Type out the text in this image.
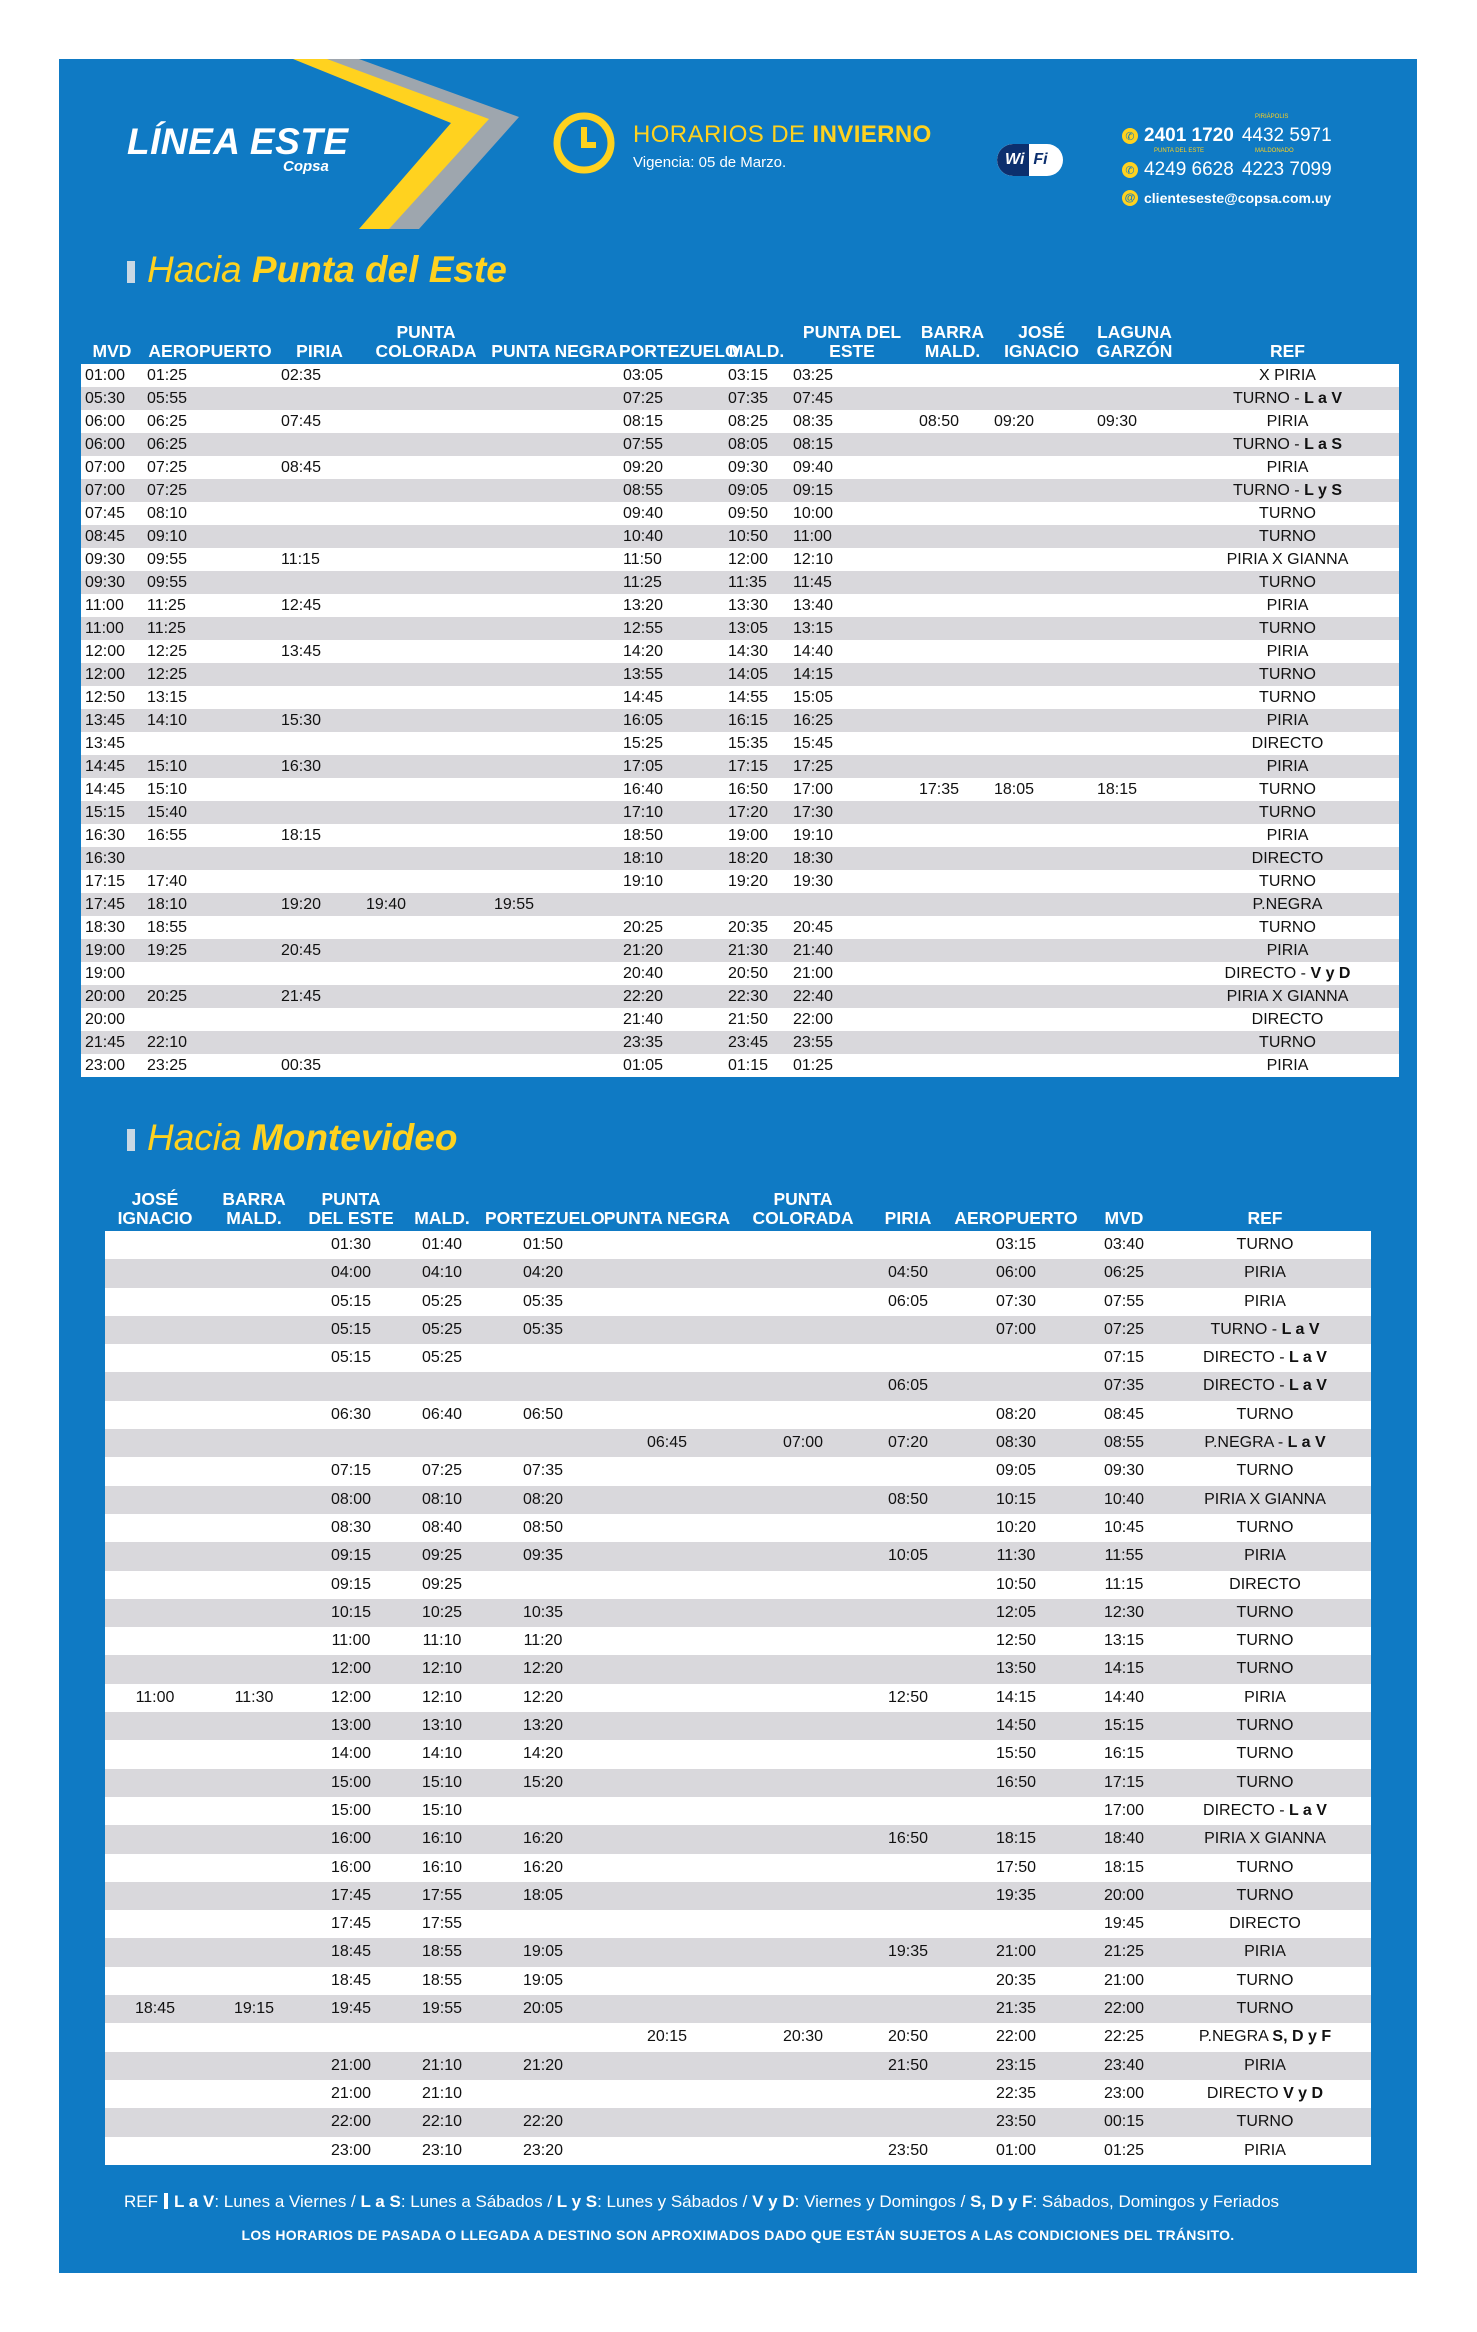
LÍNEA ESTE
Copsa
HORARIOS DE INVIERNO
Vigencia: 05 de Marzo.	Wi Fi
PIRIÁPOLIS
✆ 2401 1720 4432 5971
PUNTA DEL ESTE	MALDONADO
✆ 4249 6628 4223 7099
@ clienteseste@copsa.com.uy
Hacia Punta del Este
MVD	AEROPUERTO	PIRIA	PUNTA COLORADA	PUNTA NEGRA	PORTEZUELO	MALD.	PUNTA DEL ESTE	BARRA MALD.	JOSÉ IGNACIO	LAGUNA GARZÓN	REF
01:00	01:25	02:35			03:05	03:15	03:25				X PIRIA
05:30	05:55				07:25	07:35	07:45				TURNO - L a V
06:00	06:25	07:45			08:15	08:25	08:35	08:50	09:20	09:30	PIRIA
06:00	06:25				07:55	08:05	08:15				TURNO - L a S
07:00	07:25	08:45			09:20	09:30	09:40				PIRIA
07:00	07:25				08:55	09:05	09:15				TURNO - L y S
07:45	08:10				09:40	09:50	10:00				TURNO
08:45	09:10				10:40	10:50	11:00				TURNO
09:30	09:55	11:15			11:50	12:00	12:10				PIRIA X GIANNA
09:30	09:55				11:25	11:35	11:45				TURNO
11:00	11:25	12:45			13:20	13:30	13:40				PIRIA
11:00	11:25				12:55	13:05	13:15				TURNO
12:00	12:25	13:45			14:20	14:30	14:40				PIRIA
12:00	12:25				13:55	14:05	14:15				TURNO
12:50	13:15				14:45	14:55	15:05				TURNO
13:45	14:10	15:30			16:05	16:15	16:25				PIRIA
13:45					15:25	15:35	15:45				DIRECTO
14:45	15:10	16:30			17:05	17:15	17:25				PIRIA
14:45	15:10				16:40	16:50	17:00	17:35	18:05	18:15	TURNO
15:15	15:40				17:10	17:20	17:30				TURNO
16:30	16:55	18:15			18:50	19:00	19:10				PIRIA
16:30					18:10	18:20	18:30				DIRECTO
17:15	17:40				19:10	19:20	19:30				TURNO
17:45	18:10	19:20	19:40	19:55							P.NEGRA
18:30	18:55				20:25	20:35	20:45				TURNO
19:00	19:25	20:45			21:20	21:30	21:40				PIRIA
19:00					20:40	20:50	21:00				DIRECTO - V y D
20:00	20:25	21:45			22:20	22:30	22:40				PIRIA X GIANNA
20:00					21:40	21:50	22:00				DIRECTO
21:45	22:10				23:35	23:45	23:55				TURNO
23:00	23:25	00:35			01:05	01:15	01:25				PIRIA
Hacia Montevideo
JOSÉ IGNACIO	BARRA MALD.	PUNTA DEL ESTE	MALD.	PORTEZUELO	PUNTA NEGRA	PUNTA COLORADA	PIRIA	AEROPUERTO	MVD	REF
		01:30	01:40	01:50				03:15	03:40	TURNO
		04:00	04:10	04:20			04:50	06:00	06:25	PIRIA
		05:15	05:25	05:35			06:05	07:30	07:55	PIRIA
		05:15	05:25	05:35				07:00	07:25	TURNO - L a V
		05:15	05:25						07:15	DIRECTO - L a V
							06:05		07:35	DIRECTO - L a V
		06:30	06:40	06:50				08:20	08:45	TURNO
					06:45	07:00	07:20	08:30	08:55	P.NEGRA - L a V
		07:15	07:25	07:35				09:05	09:30	TURNO
		08:00	08:10	08:20			08:50	10:15	10:40	PIRIA X GIANNA
		08:30	08:40	08:50				10:20	10:45	TURNO
		09:15	09:25	09:35			10:05	11:30	11:55	PIRIA
		09:15	09:25					10:50	11:15	DIRECTO
		10:15	10:25	10:35				12:05	12:30	TURNO
		11:00	11:10	11:20				12:50	13:15	TURNO
		12:00	12:10	12:20				13:50	14:15	TURNO
11:00	11:30	12:00	12:10	12:20			12:50	14:15	14:40	PIRIA
		13:00	13:10	13:20				14:50	15:15	TURNO
		14:00	14:10	14:20				15:50	16:15	TURNO
		15:00	15:10	15:20				16:50	17:15	TURNO
		15:00	15:10						17:00	DIRECTO - L a V
		16:00	16:10	16:20			16:50	18:15	18:40	PIRIA X GIANNA
		16:00	16:10	16:20				17:50	18:15	TURNO
		17:45	17:55	18:05				19:35	20:00	TURNO
		17:45	17:55						19:45	DIRECTO
		18:45	18:55	19:05			19:35	21:00	21:25	PIRIA
		18:45	18:55	19:05				20:35	21:00	TURNO
18:45	19:15	19:45	19:55	20:05				21:35	22:00	TURNO
					20:15	20:30	20:50	22:00	22:25	P.NEGRA S, D y F
		21:00	21:10	21:20			21:50	23:15	23:40	PIRIA
		21:00	21:10					22:35	23:00	DIRECTO V y D
		22:00	22:10	22:20				23:50	00:15	TURNO
		23:00	23:10	23:20			23:50	01:00	01:25	PIRIA
REF L a V: Lunes a Viernes / L a S: Lunes a Sábados / L y S: Lunes y Sábados / V y D: Viernes y Domingos / S, D y F: Sábados, Domingos y Feriados
LOS HORARIOS DE PASADA O LLEGADA A DESTINO SON APROXIMADOS DADO QUE ESTÁN SUJETOS A LAS CONDICIONES DEL TRÁNSITO.
